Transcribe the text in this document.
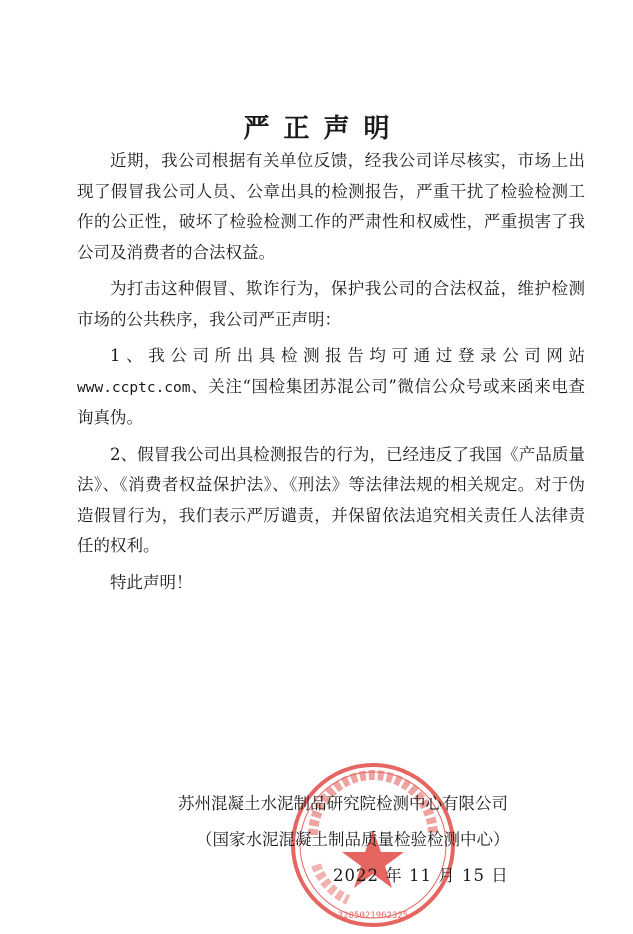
严正声明

近期，我公司根据有关单位反馈，经我公司详尽核实，市场上出现了假冒我公司人员、公章出具的检测报告，严重干扰了检验检测工作的公正性，破坏了检验检测工作的严肃性和权威性，严重损害了我公司及消费者的合法权益。

为打击这种假冒、欺诈行为，保护我公司的合法权益，维护检测市场的公共秩序，我公司严正声明：

1、我公司所出具检测报告均可通过登录公司网站www.ccptc.com、关注“国检集团苏混公司”微信公众号或来函来电查询真伪。

2、假冒我公司出具检测报告的行为，已经违反了我国《产品质量法》、《消费者权益保护法》、《刑法》等法律法规的相关规定。对于伪造假冒行为，我们表示严厉谴责，并保留依法追究相关责任人法律责任的权利。

特此声明！

3205021962325
苏州混凝土水泥制品研究院检测中心有限公司
（国家水泥混凝土制品质量检验检测中心）
2022 年 11 月 15 日
